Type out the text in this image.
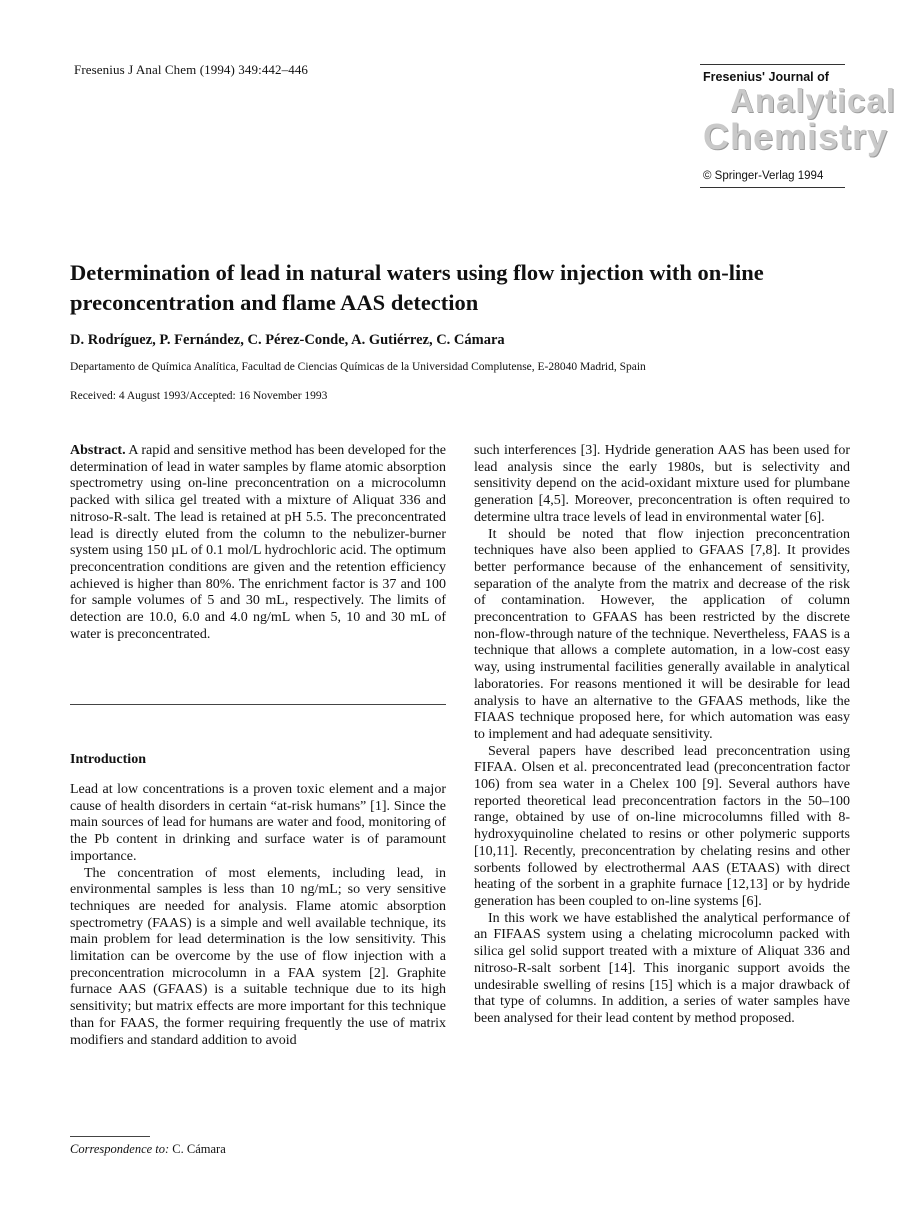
Fresenius J Anal Chem (1994) 349:442–446	Fresenius' Journal of
Analytical
Chemistry
© Springer-Verlag 1994
Determination of lead in natural waters using flow injection with on-line preconcentration and flame AAS detection
D. Rodríguez, P. Fernández, C. Pérez-Conde, A. Gutiérrez, C. Cámara
Departamento de Química Analítica, Facultad de Ciencias Químicas de la Universidad Complutense, E-28040 Madrid, Spain
Received: 4 August 1993/Accepted: 16 November 1993

Abstract. A rapid and sensitive method has been developed for the determination of lead in water samples by flame atomic absorption spectrometry using on-line preconcentration on a microcolumn packed with silica gel treated with a mixture of Aliquat 336 and nitroso-R-salt. The lead is retained at pH 5.5. The preconcentrated lead is directly eluted from the column to the nebulizer-burner system using 150 µL of 0.1 mol/L hydrochloric acid. The optimum preconcentration conditions are given and the retention efficiency achieved is higher than 80%. The enrichment factor is 37 and 100 for sample volumes of 5 and 30 mL, respectively. The limits of detection are 10.0, 6.0 and 4.0 ng/mL when 5, 10 and 30 mL of water is preconcentrated.

Introduction

Lead at low concentrations is a proven toxic element and a major cause of health disorders in certain “at-risk humans” [1]. Since the main sources of lead for humans are water and food, monitoring of the Pb content in drinking and surface water is of paramount importance.

The concentration of most elements, including lead, in environmental samples is less than 10 ng/mL; so very sensitive techniques are needed for analysis. Flame atomic absorption spectrometry (FAAS) is a simple and well available technique, its main problem for lead determination is the low sensitivity. This limitation can be overcome by the use of flow injection with a preconcentration microcolumn in a FAA system [2]. Graphite furnace AAS (GFAAS) is a suitable technique due to its high sensitivity; but matrix effects are more important for this technique than for FAAS, the former requiring frequently the use of matrix modifiers and standard addition to avoid

such interferences [3]. Hydride generation AAS has been used for lead analysis since the early 1980s, but is selectivity and sensitivity depend on the acid-oxidant mixture used for plumbane generation [4,5]. Moreover, preconcentration is often required to determine ultra trace levels of lead in environmental water [6].

It should be noted that flow injection preconcentration techniques have also been applied to GFAAS [7,8]. It provides better performance because of the enhancement of sensitivity, separation of the analyte from the matrix and decrease of the risk of contamination. However, the application of column preconcentration to GFAAS has been restricted by the discrete non-flow-through nature of the technique. Nevertheless, FAAS is a technique that allows a complete automation, in a low-cost easy way, using instrumental facilities generally available in analytical laboratories. For reasons mentioned it will be desirable for lead analysis to have an alternative to the GFAAS methods, like the FIAAS technique proposed here, for which automation was easy to implement and had adequate sensitivity.

Several papers have described lead preconcentration using FIFAA. Olsen et al. preconcentrated lead (preconcentration factor 106) from sea water in a Chelex 100 [9]. Several authors have reported theoretical lead preconcentration factors in the 50–100 range, obtained by use of on-line microcolumns filled with 8-hydroxyquinoline chelated to resins or other polymeric supports [10,11]. Recently, preconcentration by chelating resins and other sorbents followed by electrothermal AAS (ETAAS) with direct heating of the sorbent in a graphite furnace [12,13] or by hydride generation has been coupled to on-line systems [6].

In this work we have established the analytical performance of an FIFAAS system using a chelating microcolumn packed with silica gel solid support treated with a mixture of Aliquat 336 and nitroso-R-salt sorbent [14]. This inorganic support avoids the undesirable swelling of resins [15] which is a major drawback of that type of columns. In addition, a series of water samples have been analysed for their lead content by method proposed.

Correspondence to: C. Cámara
